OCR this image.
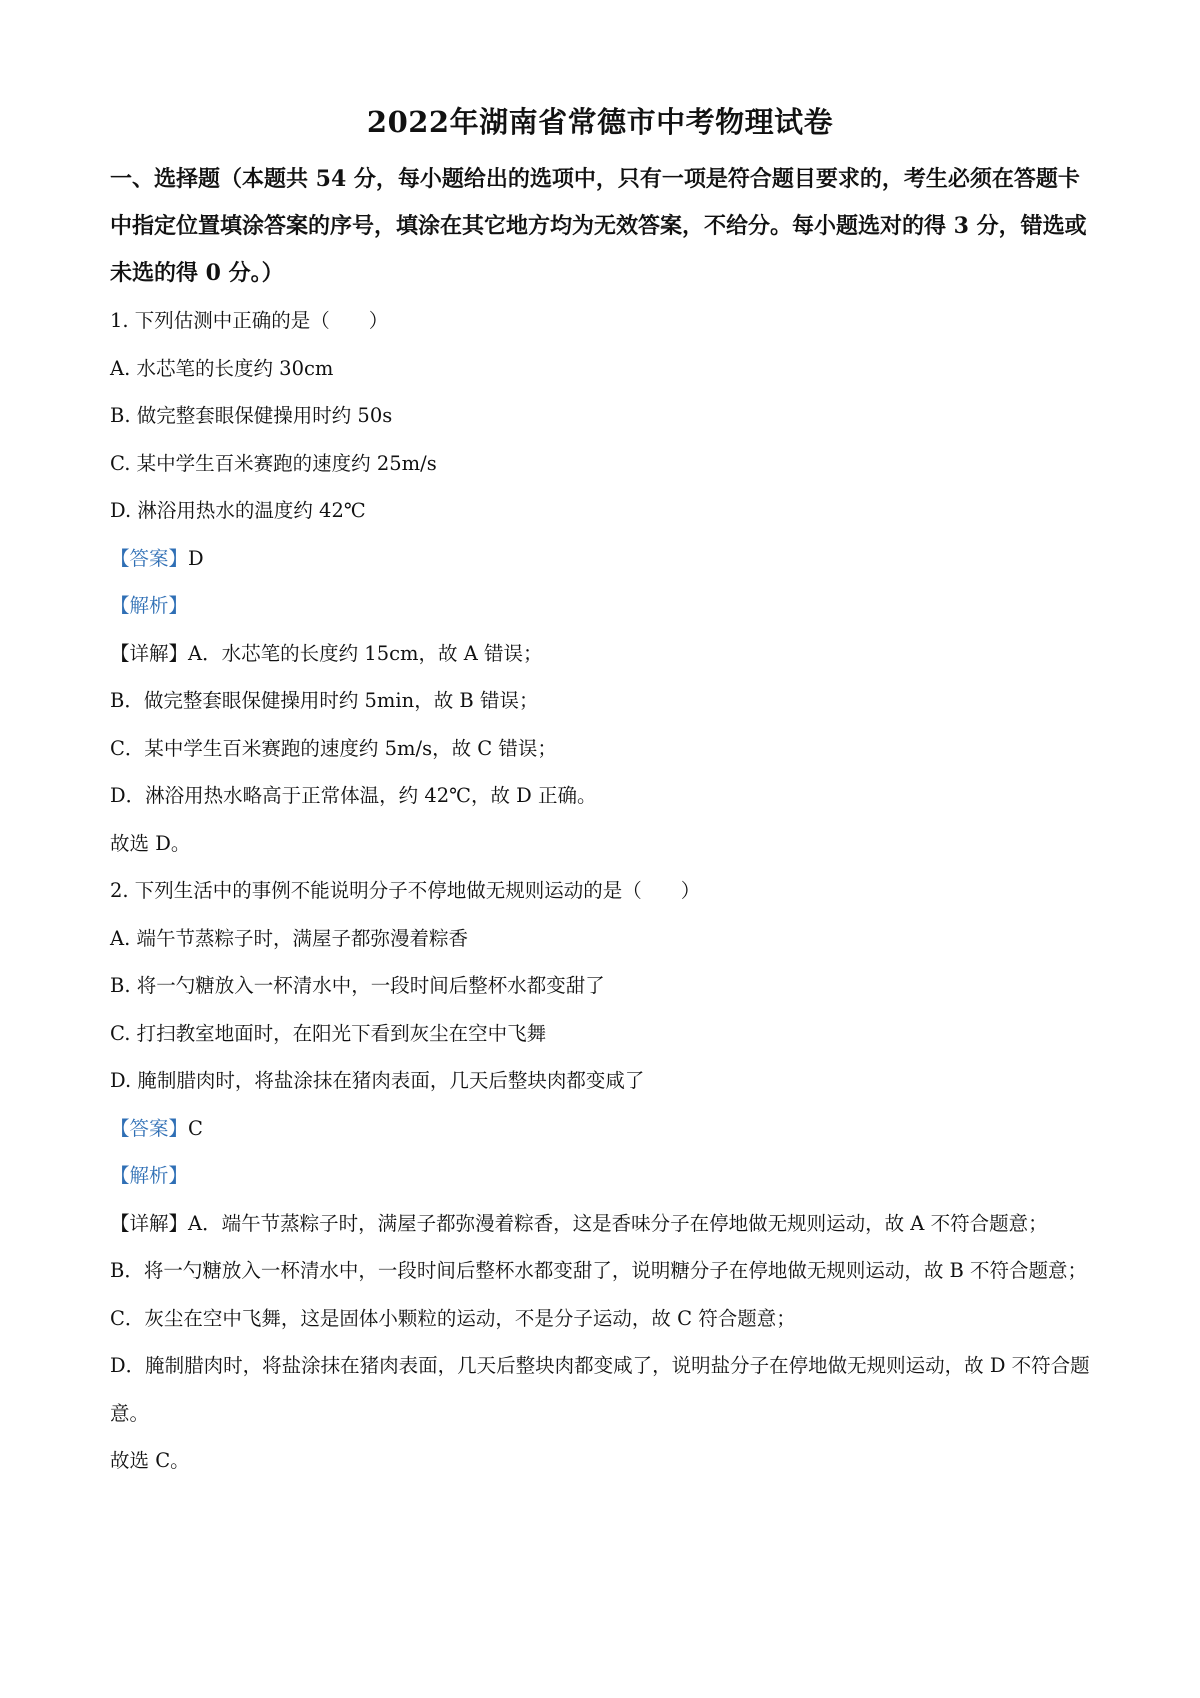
2022年湖南省常德市中考物理试卷
一、选择题（本题共 54 分，每小题给出的选项中，只有一项是符合题目要求的，考生必须在答题卡中指定位置填涂答案的序号，填涂在其它地方均为无效答案，不给分。每小题选对的得 3 分，错选或未选的得 0 分。）
1. 下列估测中正确的是（　　）
A. 水芯笔的长度约 30cm
B. 做完整套眼保健操用时约 50s
C. 某中学生百米赛跑的速度约 25m/s
D. 淋浴用热水的温度约 42℃
【答案】D
【解析】
【详解】A．水芯笔的长度约 15cm，故 A 错误；
B．做完整套眼保健操用时约 5min，故 B 错误；
C．某中学生百米赛跑的速度约 5m/s，故 C 错误；
D．淋浴用热水略高于正常体温，约 42℃，故 D 正确。
故选 D。
2. 下列生活中的事例不能说明分子不停地做无规则运动的是（　　）
A. 端午节蒸粽子时，满屋子都弥漫着粽香
B. 将一勺糖放入一杯清水中，一段时间后整杯水都变甜了
C. 打扫教室地面时，在阳光下看到灰尘在空中飞舞
D. 腌制腊肉时，将盐涂抹在猪肉表面，几天后整块肉都变咸了
【答案】C
【解析】
【详解】A．端午节蒸粽子时，满屋子都弥漫着粽香，这是香味分子在停地做无规则运动，故 A 不符合题意；
B．将一勺糖放入一杯清水中，一段时间后整杯水都变甜了，说明糖分子在停地做无规则运动，故 B 不符合题意；
C．灰尘在空中飞舞，这是固体小颗粒的运动，不是分子运动，故 C 符合题意；
D．腌制腊肉时，将盐涂抹在猪肉表面，几天后整块肉都变咸了，说明盐分子在停地做无规则运动，故 D 不符合题意。
故选 C。
